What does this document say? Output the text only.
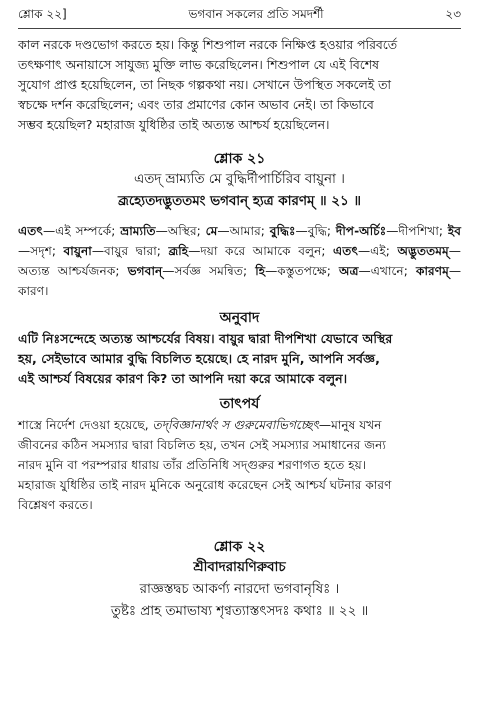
শ্লোক ২২]	ভগবান সকলের প্রতি সমদর্শী	২৩

কাল নরকে দণ্ডভোগ করতে হয়। কিন্তু শিশুপাল নরকে নিক্ষিপ্ত হওয়ার পরিবর্তে

তৎক্ষণাৎ অনায়াসে সাযুজ্য মুক্তি লাভ করেছিলেন। শিশুপাল যে এই বিশেষ

সুযোগ প্রাপ্ত হয়েছিলেন, তা নিছক গল্পকথা নয়। সেখানে উপস্থিত সকলেই তা

স্বচক্ষে দর্শন করেছিলেন; এবং তার প্রমাণের কোন অভাব নেই। তা কিভাবে

সম্ভব হয়েছিল? মহারাজ যুধিষ্ঠির তাই অত্যন্ত আশ্চর্য হয়েছিলেন।

শ্লোক ২১
এতদ্ ভ্রাম্যতি মে বুদ্ধির্দীপার্চিরিব বায়ুনা ।
ব্রূহ্যেতদদ্ভুততমং ভগবান্ হ্যত্র কারণম্ ॥ ২১ ॥
এতৎ—এই সম্পর্কে; ভ্রাম্যতি—অস্থির; মে—আমার; বুদ্ধিঃ—বুদ্ধি; দীপ-অর্চিঃ—দীপশিখা; ইব—সদৃশ; বায়ুনা—বায়ুর দ্বারা; ব্রূহি—দয়া করে আমাকে বলুন; এতৎ—এই; অদ্ভুততমম্—অত্যন্ত আশ্চর্যজনক; ভগবান্—সর্বজ্ঞ সমন্বিত; হি—কস্তুতপক্ষে; অত্র—এখানে; কারণম্—কারণ।
অনুবাদ

এটি নিঃসন্দেহে অত্যন্ত আশ্চর্যের বিষয়। বায়ুর দ্বারা দীপশিখা যেভাবে অস্থির

হয়, সেইভাবে আমার বুদ্ধি বিচলিত হয়েছে। হে নারদ মুনি, আপনি সর্বজ্ঞ,

এই আশ্চর্য বিষয়ের কারণ কি? তা আপনি দয়া করে আমাকে বলুন।

তাৎপর্য

শাস্ত্রে নির্দেশ দেওয়া হয়েছে, তদ্‌বিজ্ঞানার্থং স গুরুমেবাভিগচ্ছেৎ—মানুষ যখন

জীবনের কঠিন সমস্যার দ্বারা বিচলিত হয়, তখন সেই সমস্যার সমাধানের জন্য

নারদ মুনি বা পরম্পরার ধারায় তাঁর প্রতিনিধি সদ্গুরুর শরণাগত হতে হয়।

মহারাজ যুধিষ্ঠির তাই নারদ মুনিকে অনুরোধ করেছেন সেই আশ্চর্য ঘটনার কারণ

বিশ্লেষণ করতে।

শ্লোক ২২
শ্রীবাদরায়ণিরুবাচ
রাজ্ঞস্তদ্বচ আকর্ণ্য নারদো ভগবানৃষিঃ ।
তুষ্টঃ প্রাহ তমাভাষ্য শৃণ্বত্যাস্তৎসদঃ কথাঃ ॥ ২২ ॥
